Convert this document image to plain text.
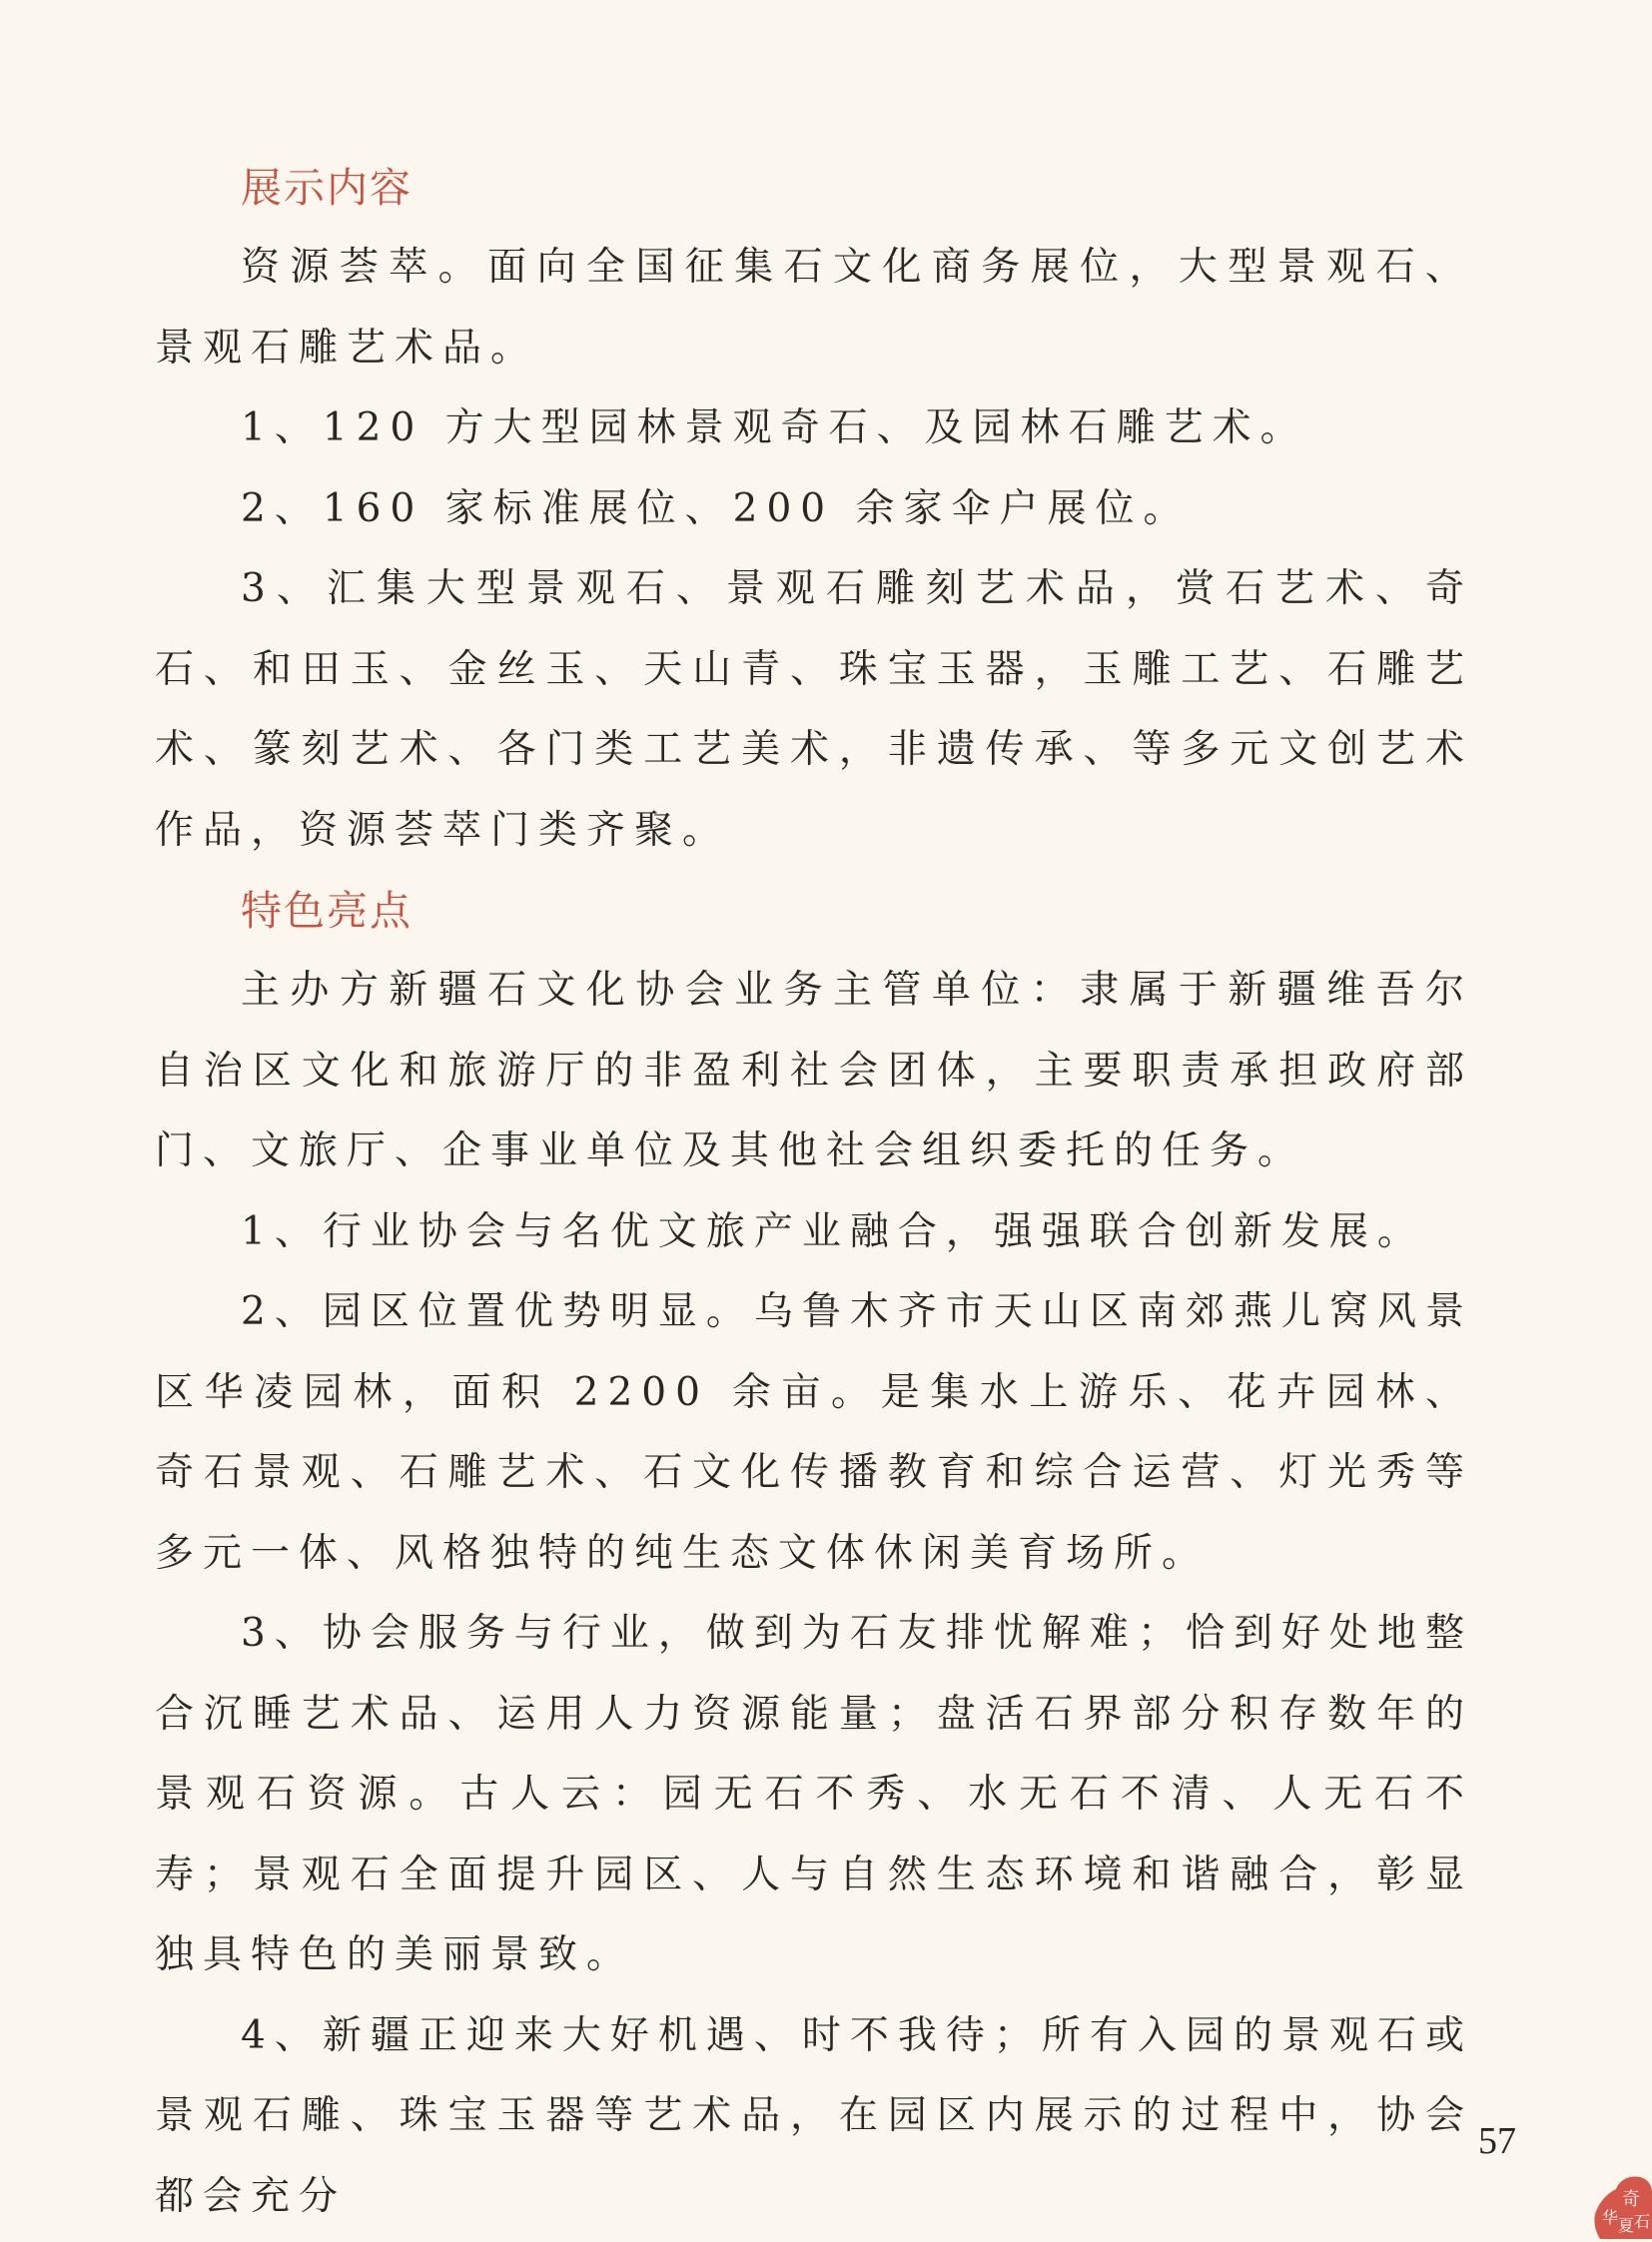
展示内容

资源荟萃。面向全国征集石文化商务展位，大型景观石、景观石雕艺术品。

1、120 方大型园林景观奇石、及园林石雕艺术。

2、160 家标准展位、200 余家伞户展位。

3、汇集大型景观石、景观石雕刻艺术品，赏石艺术、奇石、和田玉、金丝玉、天山青、珠宝玉器，玉雕工艺、石雕艺术、篆刻艺术、各门类工艺美术，非遗传承、等多元文创艺术作品，资源荟萃门类齐聚。

特色亮点

主办方新疆石文化协会业务主管单位：隶属于新疆维吾尔自治区文化和旅游厅的非盈利社会团体，主要职责承担政府部门、文旅厅、企事业单位及其他社会组织委托的任务。

1、行业协会与名优文旅产业融合，强强联合创新发展。

2、园区位置优势明显。乌鲁木齐市天山区南郊燕儿窝风景区华凌园林，面积 2200 余亩。是集水上游乐、花卉园林、奇石景观、石雕艺术、石文化传播教育和综合运营、灯光秀等多元一体、风格独特的纯生态文体休闲美育场所。

3、协会服务与行业，做到为石友排忧解难；恰到好处地整合沉睡艺术品、运用人力资源能量；盘活石界部分积存数年的景观石资源。古人云：园无石不秀、水无石不清、人无石不寿；景观石全面提升园区、人与自然生态环境和谐融合，彰显独具特色的美丽景致。

4、新疆正迎来大好机遇、时不我待；所有入园的景观石或景观石雕、珠宝玉器等艺术品，在园区内展示的过程中，协会都会充分

57
奇
华 夏 石
